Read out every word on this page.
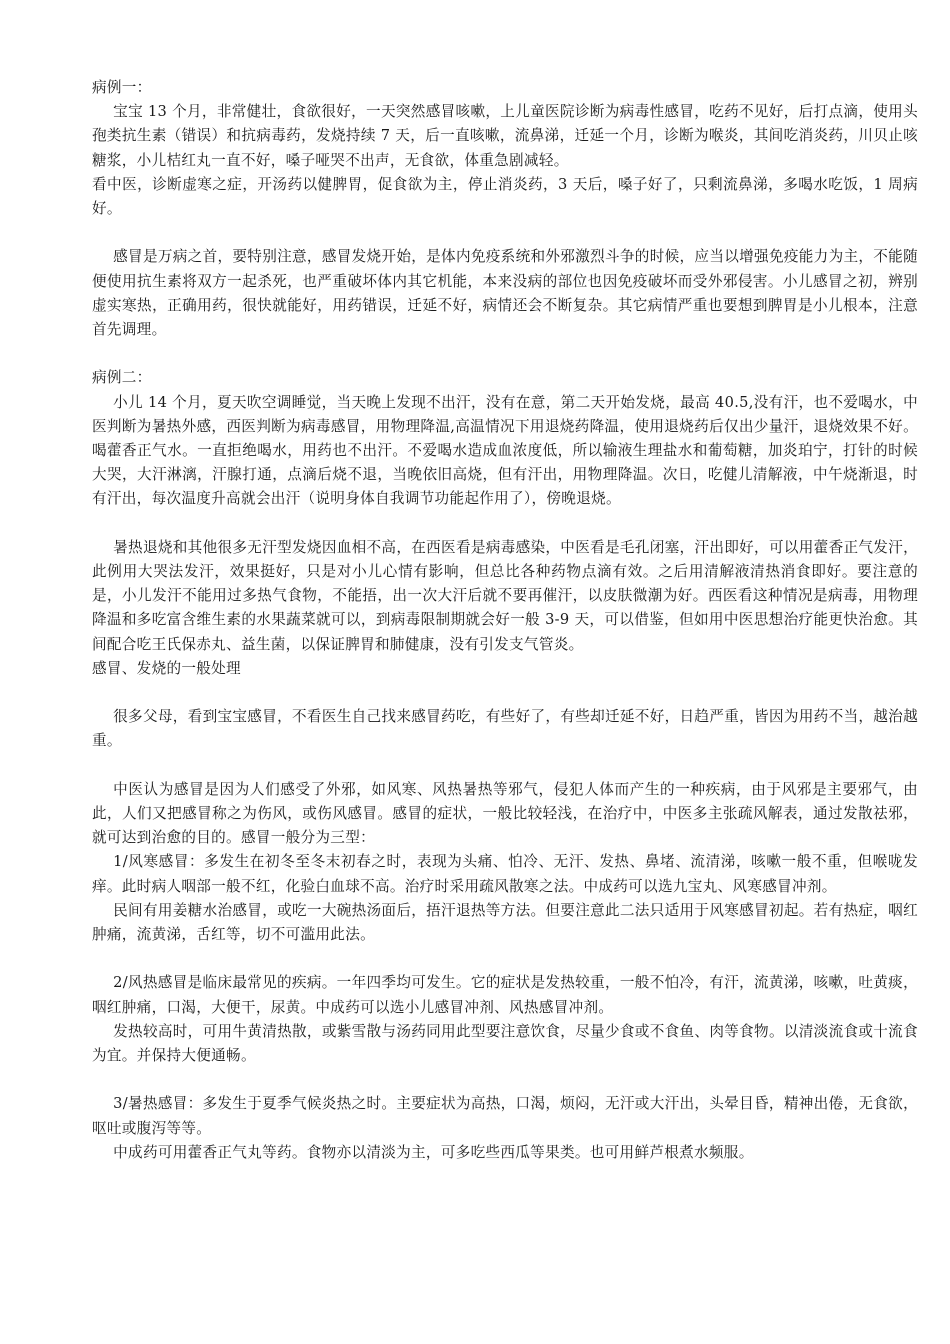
病例一：

宝宝 13 个月，非常健壮，食欲很好，一天突然感冒咳嗽，上儿童医院诊断为病毒性感冒，吃药不见好，后打点滴，使用头孢类抗生素（错误）和抗病毒药，发烧持续 7 天，后一直咳嗽，流鼻涕，迁延一个月，诊断为喉炎，其间吃消炎药，川贝止咳糖浆，小儿桔红丸一直不好，嗓子哑哭不出声，无食欲，体重急剧减轻。

看中医，诊断虚寒之症，开汤药以健脾胃，促食欲为主，停止消炎药，3 天后，嗓子好了，只剩流鼻涕，多喝水吃饭，1 周病好。

感冒是万病之首，要特别注意，感冒发烧开始，是体内免疫系统和外邪激烈斗争的时候，应当以增强免疫能力为主，不能随便使用抗生素将双方一起杀死，也严重破坏体内其它机能，本来没病的部位也因免疫破坏而受外邪侵害。小儿感冒之初，辨别虚实寒热，正确用药，很快就能好，用药错误，迁延不好，病情还会不断复杂。其它病情严重也要想到脾胃是小儿根本，注意首先调理。

病例二：

小儿 14 个月，夏天吹空调睡觉，当天晚上发现不出汗，没有在意，第二天开始发烧，最高 40.5,没有汗，也不爱喝水，中医判断为暑热外感，西医判断为病毒感冒，用物理降温,高温情况下用退烧药降温，使用退烧药后仅出少量汗，退烧效果不好。喝藿香正气水。一直拒绝喝水，用药也不出汗。不爱喝水造成血浓度低，所以输液生理盐水和葡萄糖，加炎珀宁，打针的时候大哭，大汗淋漓，汗腺打通，点滴后烧不退，当晚依旧高烧，但有汗出，用物理降温。次日，吃健儿清解液，中午烧渐退，时有汗出，每次温度升高就会出汗（说明身体自我调节功能起作用了），傍晚退烧。

暑热退烧和其他很多无汗型发烧因血相不高，在西医看是病毒感染，中医看是毛孔闭塞，汗出即好，可以用藿香正气发汗，此例用大哭法发汗，效果挺好，只是对小儿心情有影响，但总比各种药物点滴有效。之后用清解液清热消食即好。要注意的是，小儿发汗不能用过多热气食物，不能捂，出一次大汗后就不要再催汗，以皮肤微潮为好。西医看这种情况是病毒，用物理降温和多吃富含维生素的水果蔬菜就可以，到病毒限制期就会好一般 3-9 天，可以借鉴，但如用中医思想治疗能更快治愈。其间配合吃王氏保赤丸、益生菌，以保证脾胃和肺健康，没有引发支气管炎。

感冒、发烧的一般处理

很多父母，看到宝宝感冒，不看医生自己找来感冒药吃，有些好了，有些却迁延不好，日趋严重，皆因为用药不当，越治越重。

中医认为感冒是因为人们感受了外邪，如风寒、风热暑热等邪气，侵犯人体而产生的一种疾病，由于风邪是主要邪气，由此，人们又把感冒称之为伤风，或伤风感冒。感冒的症状，一般比较轻浅，在治疗中，中医多主张疏风解表，通过发散祛邪，就可达到治愈的目的。感冒一般分为三型：

1/风寒感冒：多发生在初冬至冬末初春之时，表现为头痛、怕冷、无汗、发热、鼻堵、流清涕，咳嗽一般不重，但喉咙发痒。此时病人咽部一般不红，化验白血球不高。治疗时采用疏风散寒之法。中成药可以选九宝丸、风寒感冒冲剂。

民间有用姜糖水治感冒，或吃一大碗热汤面后，捂汗退热等方法。但要注意此二法只适用于风寒感冒初起。若有热症，咽红肿痛，流黄涕，舌红等，切不可滥用此法。

2/风热感冒是临床最常见的疾病。一年四季均可发生。它的症状是发热较重，一般不怕冷，有汗，流黄涕，咳嗽，吐黄痰，咽红肿痛，口渴，大便干，尿黄。中成药可以选小儿感冒冲剂、风热感冒冲剂。

发热较高时，可用牛黄清热散，或紫雪散与汤药同用此型要注意饮食，尽量少食或不食鱼、肉等食物。以清淡流食或十流食为宜。并保持大便通畅。

3/暑热感冒：多发生于夏季气候炎热之时。主要症状为高热，口渴，烦闷，无汗或大汗出，头晕目昏，精神出倦，无食欲，呕吐或腹泻等等。

中成药可用藿香正气丸等药。食物亦以清淡为主，可多吃些西瓜等果类。也可用鲜芦根煮水频服。
